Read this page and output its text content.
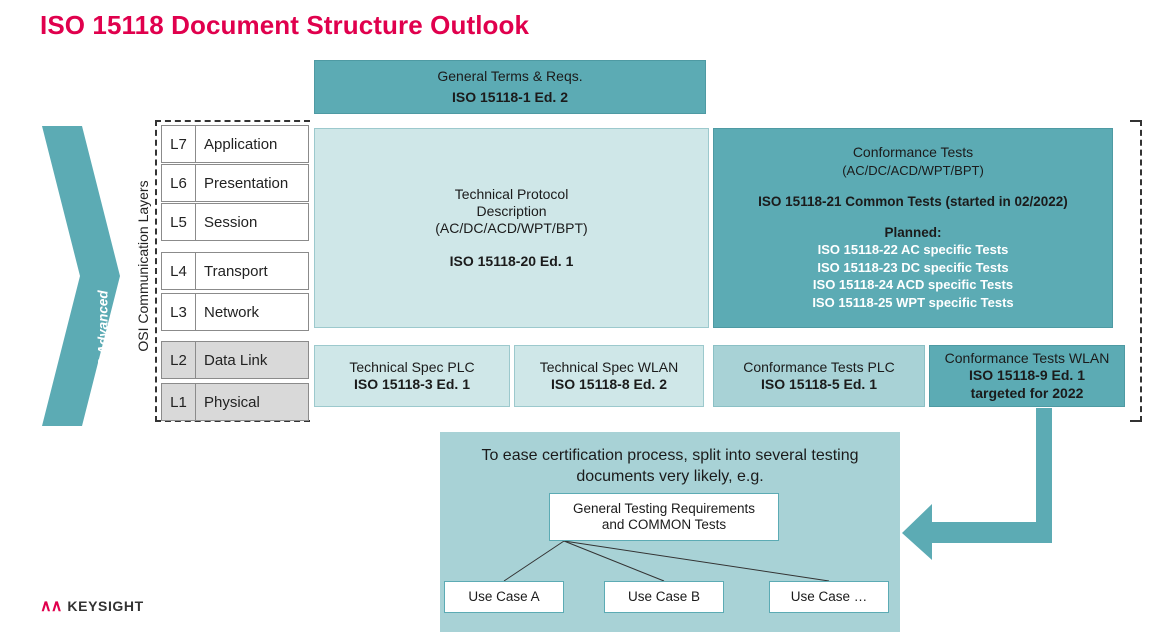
ISO 15118 Document Structure Outlook
CCS Advanced OSI Communication Layers
L7	Application
L6	Presentation
L5	Session
L4	Transport
L3	Network
L2	Data Link
L1	Physical
General Terms & Reqs.
ISO 15118-1 Ed. 2
Technical Protocol
Description
(AC/DC/ACD/WPT/BPT)
ISO 15118-20 Ed. 1
Conformance Tests
(AC/DC/ACD/WPT/BPT)
ISO 15118-21 Common Tests (started in 02/2022)
Planned:
ISO 15118-22 AC specific Tests
ISO 15118-23 DC specific Tests
ISO 15118-24 ACD specific Tests
ISO 15118-25 WPT specific Tests
Technical Spec PLC
ISO 15118-3 Ed. 1
Technical Spec WLAN
ISO 15118-8 Ed. 2
Conformance Tests PLC
ISO 15118-5 Ed. 1
Conformance Tests WLAN
ISO 15118-9 Ed. 1
targeted for 2022
To ease certification process, split into several testing documents very likely, e.g.
General Testing Requirements
and COMMON Tests
Use Case A	Use Case B	Use Case …
∧∧ KEYSIGHT
